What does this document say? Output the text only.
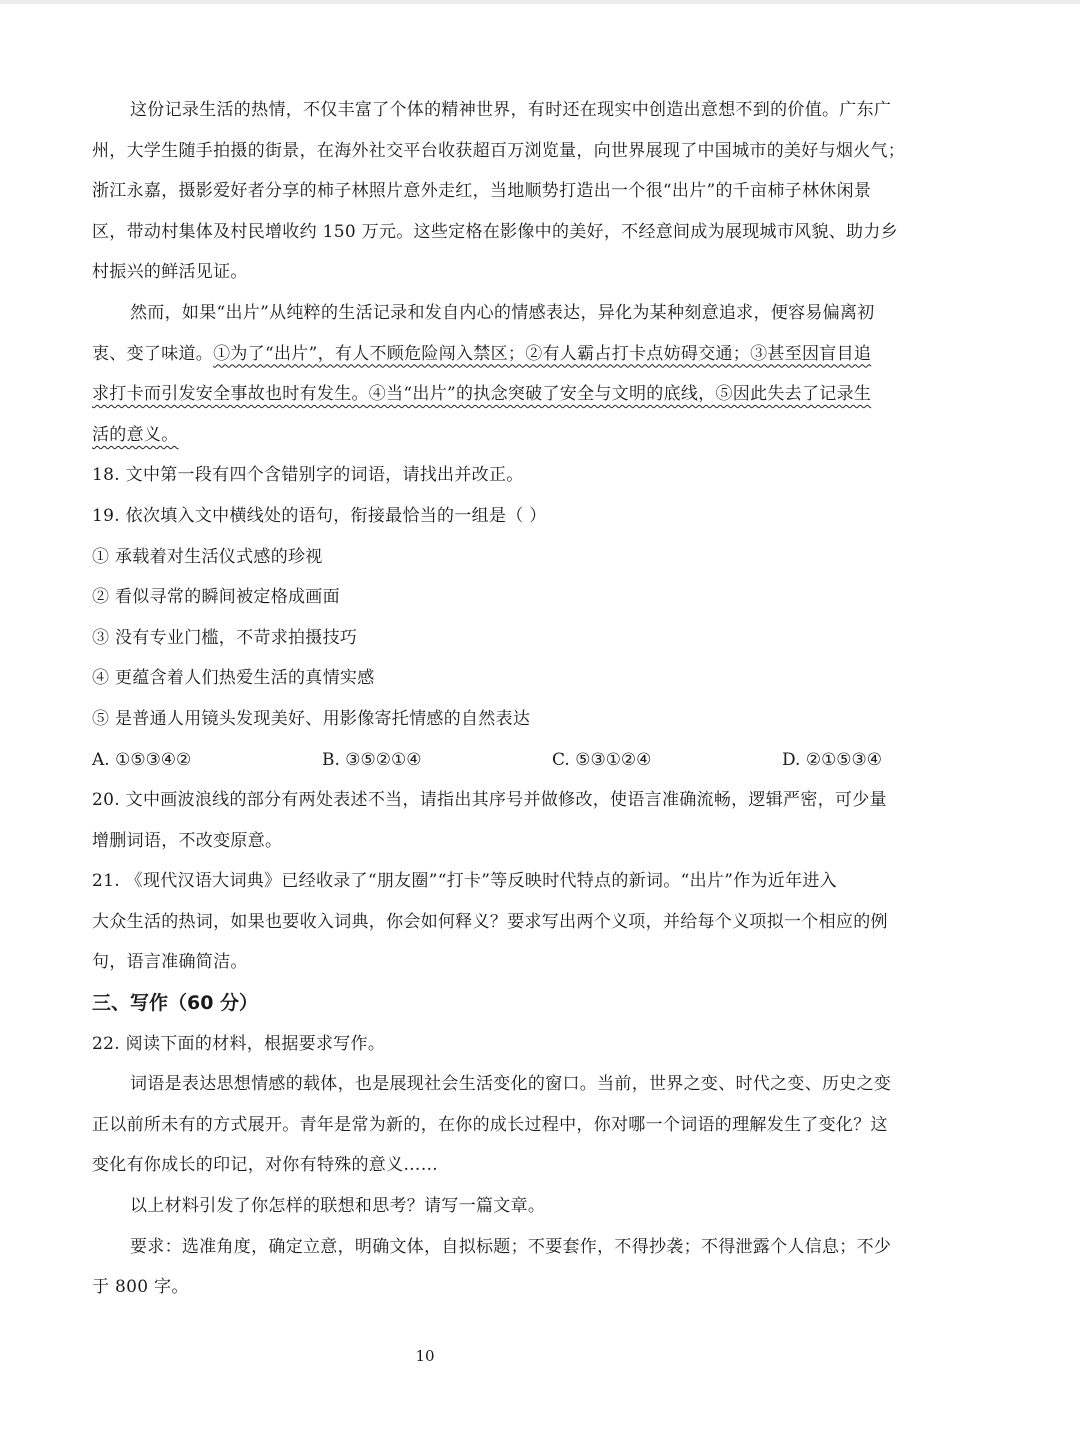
这份记录生活的热情，不仅丰富了个体的精神世界，有时还在现实中创造出意想不到的价值。广东广
州，大学生随手拍摄的街景，在海外社交平台收获超百万浏览量，向世界展现了中国城市的美好与烟火气；
浙江永嘉，摄影爱好者分享的柿子林照片意外走红，当地顺势打造出一个很“出片”的千亩柿子林休闲景
区，带动村集体及村民增收约 150 万元。这些定格在影像中的美好，不经意间成为展现城市风貌、助力乡
村振兴的鲜活见证。
然而，如果“出片”从纯粹的生活记录和发自内心的情感表达，异化为某种刻意追求，便容易偏离初
衷、变了味道。①为了“出片”，有人不顾危险闯入禁区；②有人霸占打卡点妨碍交通；③甚至因盲目追
求打卡而引发安全事故也时有发生。④当“出片”的执念突破了安全与文明的底线，⑤因此失去了记录生
活的意义。
18. 文中第一段有四个含错别字的词语，请找出并改正。
19. 依次填入文中横线处的语句，衔接最恰当的一组是（ ）
① 承载着对生活仪式感的珍视
② 看似寻常的瞬间被定格成画面
③ 没有专业门槛，不苛求拍摄技巧
④ 更蕴含着人们热爱生活的真情实感
⑤ 是普通人用镜头发现美好、用影像寄托情感的自然表达
A. ①⑤③④②	B. ③⑤②①④	C. ⑤③①②④	D. ②①⑤③④
20. 文中画波浪线的部分有两处表述不当，请指出其序号并做修改，使语言准确流畅，逻辑严密，可少量
增删词语，不改变原意。
21. 《现代汉语大词典》已经收录了“朋友圈”“打卡”等反映时代特点的新词。“出片”作为近年进入
大众生活的热词，如果也要收入词典，你会如何释义？要求写出两个义项，并给每个义项拟一个相应的例
句，语言准确简洁。
三、写作（60 分）
22. 阅读下面的材料，根据要求写作。
词语是表达思想情感的载体，也是展现社会生活变化的窗口。当前，世界之变、时代之变、历史之变
正以前所未有的方式展开。青年是常为新的，在你的成长过程中，你对哪一个词语的理解发生了变化？这
变化有你成长的印记，对你有特殊的意义……
以上材料引发了你怎样的联想和思考？请写一篇文章。
要求：选准角度，确定立意，明确文体，自拟标题；不要套作，不得抄袭；不得泄露个人信息；不少
于 800 字。
10
